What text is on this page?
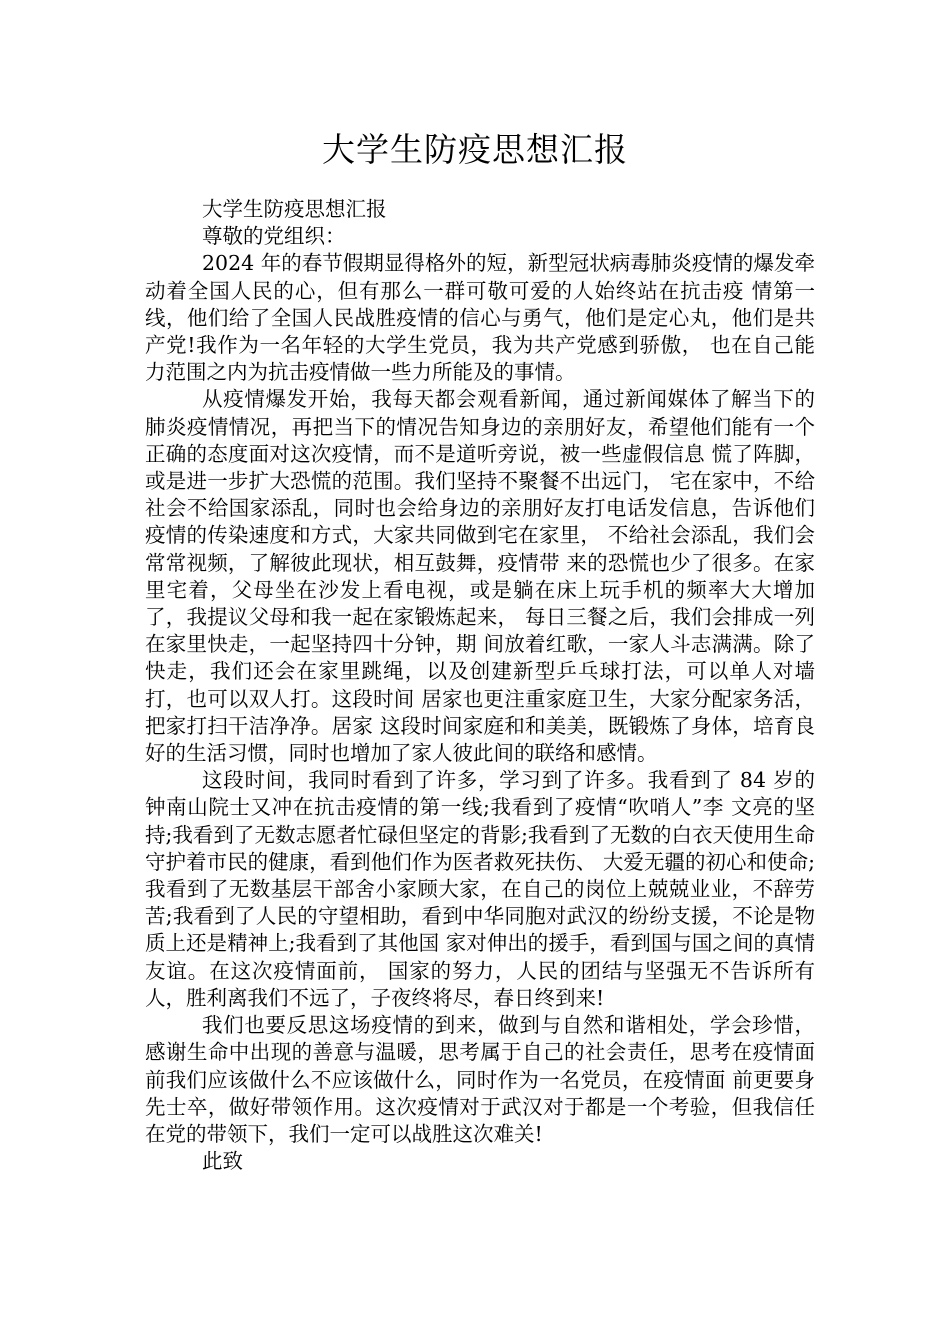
大学生防疫思想汇报

大学生防疫思想汇报

尊敬的党组织：

2024 年的春节假期显得格外的短，新型冠状病毒肺炎疫情的爆发牵动着全国人民的心，但有那么一群可敬可爱的人始终站在抗击疫 情第一线，他们给了全国人民战胜疫情的信心与勇气，他们是定心丸，他们是共产党!我作为一名年轻的大学生党员，我为共产党感到骄傲， 也在自己能力范围之内为抗击疫情做一些力所能及的事情。

从疫情爆发开始，我每天都会观看新闻，通过新闻媒体了解当下的肺炎疫情情况，再把当下的情况告知身边的亲朋好友，希望他们能有一个正确的态度面对这次疫情，而不是道听旁说，被一些虚假信息 慌了阵脚，或是进一步扩大恐慌的范围。我们坚持不聚餐不出远门， 宅在家中，不给社会不给国家添乱，同时也会给身边的亲朋好友打电话发信息，告诉他们疫情的传染速度和方式，大家共同做到宅在家里， 不给社会添乱，我们会常常视频，了解彼此现状，相互鼓舞，疫情带 来的恐慌也少了很多。在家里宅着，父母坐在沙发上看电视，或是躺在床上玩手机的频率大大增加了，我提议父母和我一起在家锻炼起来， 每日三餐之后，我们会排成一列在家里快走，一起坚持四十分钟，期 间放着红歌，一家人斗志满满。除了快走，我们还会在家里跳绳，以及创建新型乒乓球打法，可以单人对墙打，也可以双人打。这段时间 居家也更注重家庭卫生，大家分配家务活，把家打扫干洁净净。居家 这段时间家庭和和美美，既锻炼了身体，培育良好的生活习惯，同时也增加了家人彼此间的联络和感情。

这段时间，我同时看到了许多，学习到了许多。我看到了 84 岁的钟南山院士又冲在抗击疫情的第一线;我看到了疫情“吹哨人”李 文亮的坚持;我看到了无数志愿者忙碌但坚定的背影;我看到了无数的白衣天使用生命守护着市民的健康，看到他们作为医者救死扶伤、 大爱无疆的初心和使命;我看到了无数基层干部舍小家顾大家，在自己的岗位上兢兢业业，不辞劳苦;我看到了人民的守望相助，看到中华同胞对武汉的纷纷支援，不论是物质上还是精神上;我看到了其他国 家对伸出的援手，看到国与国之间的真情友谊。在这次疫情面前， 国家的努力，人民的团结与坚强无不告诉所有人，胜利离我们不远了，子夜终将尽，春日终到来!

我们也要反思这场疫情的到来，做到与自然和谐相处，学会珍惜，感谢生命中出现的善意与温暖，思考属于自己的社会责任，思考在疫情面前我们应该做什么不应该做什么，同时作为一名党员，在疫情面 前更要身先士卒，做好带领作用。这次疫情对于武汉对于都是一个考验，但我信任在党的带领下，我们一定可以战胜这次难关!

此致
